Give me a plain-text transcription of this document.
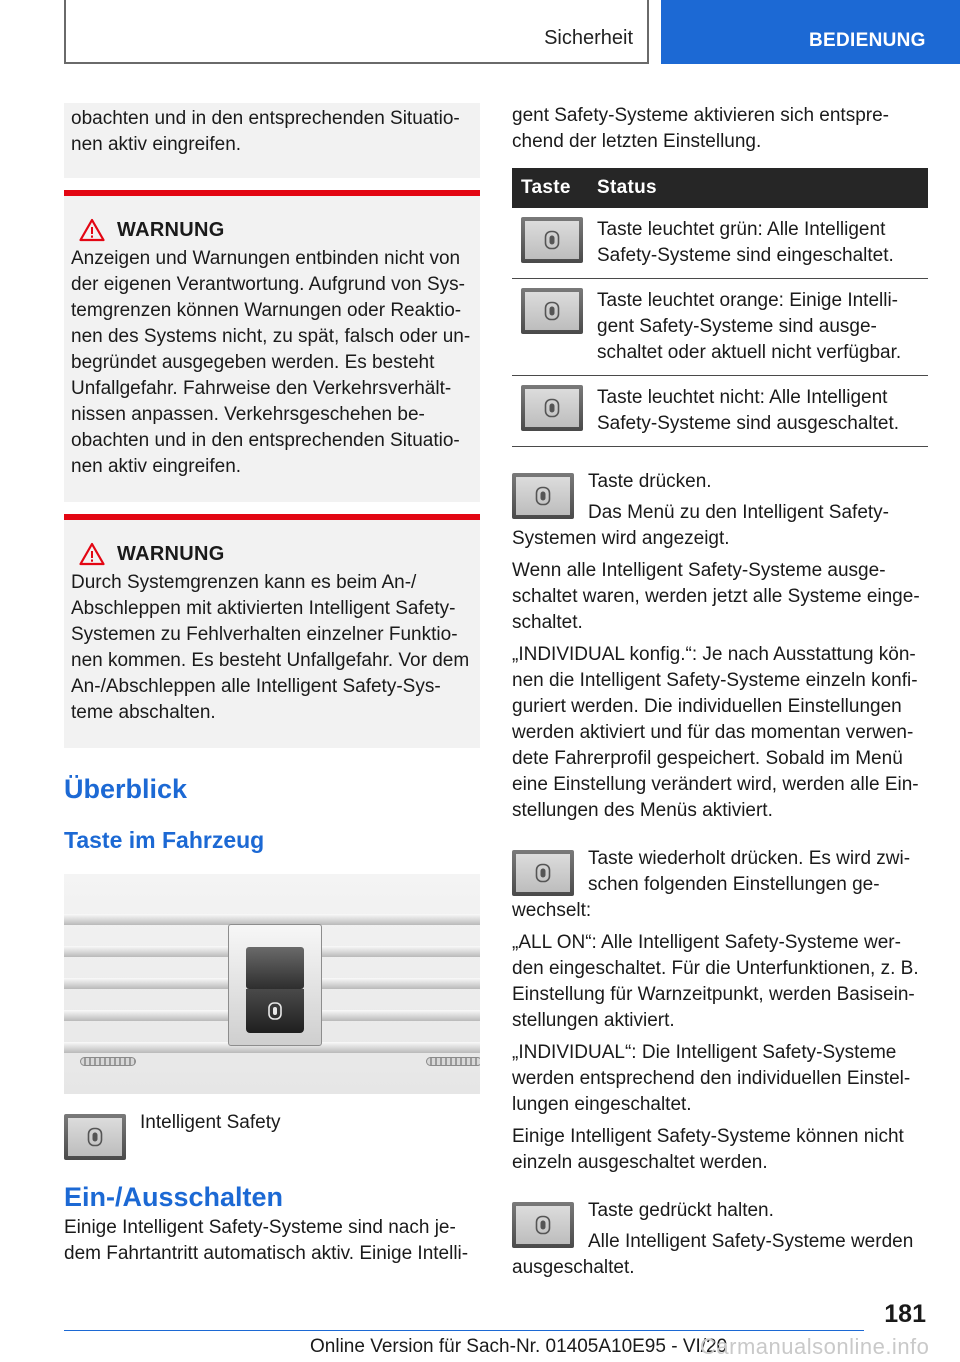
Sicherheit	BEDIENUNG
obachten und in den entsprechenden Situatio-
nen aktiv eingreifen.
WARNUNG
Anzeigen und Warnungen entbinden nicht von
der eigenen Verantwortung. Aufgrund von Sys-
temgrenzen können Warnungen oder Reaktio-
nen des Systems nicht, zu spät, falsch oder un-
begründet ausgegeben werden. Es besteht
Unfallgefahr. Fahrweise den Verkehrsverhält-
nissen anpassen. Verkehrsgeschehen be-
obachten und in den entsprechenden Situatio-
nen aktiv eingreifen.
WARNUNG
Durch Systemgrenzen kann es beim An-/
Abschleppen mit aktivierten Intelligent Safety-
Systemen zu Fehlverhalten einzelner Funktio-
nen kommen. Es besteht Unfallgefahr. Vor dem
An-/Abschleppen alle Intelligent Safety-Sys-
teme abschalten.
Überblick
Taste im Fahrzeug
Intelligent Safety
Ein-/Ausschalten
Einige Intelligent Safety-Systeme sind nach je-
dem Fahrtantritt automatisch aktiv. Einige Intelli-
gent Safety-Systeme aktivieren sich entspre-
chend der letzten Einstellung.
Taste	Status

Taste leuchtet grün: Alle Intelligent
Safety-Systeme sind eingeschaltet.

Taste leuchtet orange: Einige Intelli-
gent Safety-Systeme sind ausge-
schaltet oder aktuell nicht verfügbar.

Taste leuchtet nicht: Alle Intelligent
Safety-Systeme sind ausgeschaltet.
Taste drücken.
Das Menü zu den Intelligent Safety-
Systemen wird angezeigt.
Wenn alle Intelligent Safety-Systeme ausge-
schaltet waren, werden jetzt alle Systeme einge-
schaltet.
„INDIVIDUAL konfig.“: Je nach Ausstattung kön-
nen die Intelligent Safety-Systeme einzeln konfi-
guriert werden. Die individuellen Einstellungen
werden aktiviert und für das momentan verwen-
dete Fahrerprofil gespeichert. Sobald im Menü
eine Einstellung verändert wird, werden alle Ein-
stellungen des Menüs aktiviert.
Taste wiederholt drücken. Es wird zwi-
schen folgenden Einstellungen ge-
wechselt:
„ALL ON“: Alle Intelligent Safety-Systeme wer-
den eingeschaltet. Für die Unterfunktionen, z. B.
Einstellung für Warnzeitpunkt, werden Basisein-
stellungen aktiviert.
„INDIVIDUAL“: Die Intelligent Safety-Systeme
werden entsprechend den individuellen Einstel-
lungen eingeschaltet.
Einige Intelligent Safety-Systeme können nicht
einzeln ausgeschaltet werden.
Taste gedrückt halten.
Alle Intelligent Safety-Systeme werden
ausgeschaltet.
181
Online Version für Sach-Nr. 01405A10E95 - VI/20
Carmanualsonline.info
